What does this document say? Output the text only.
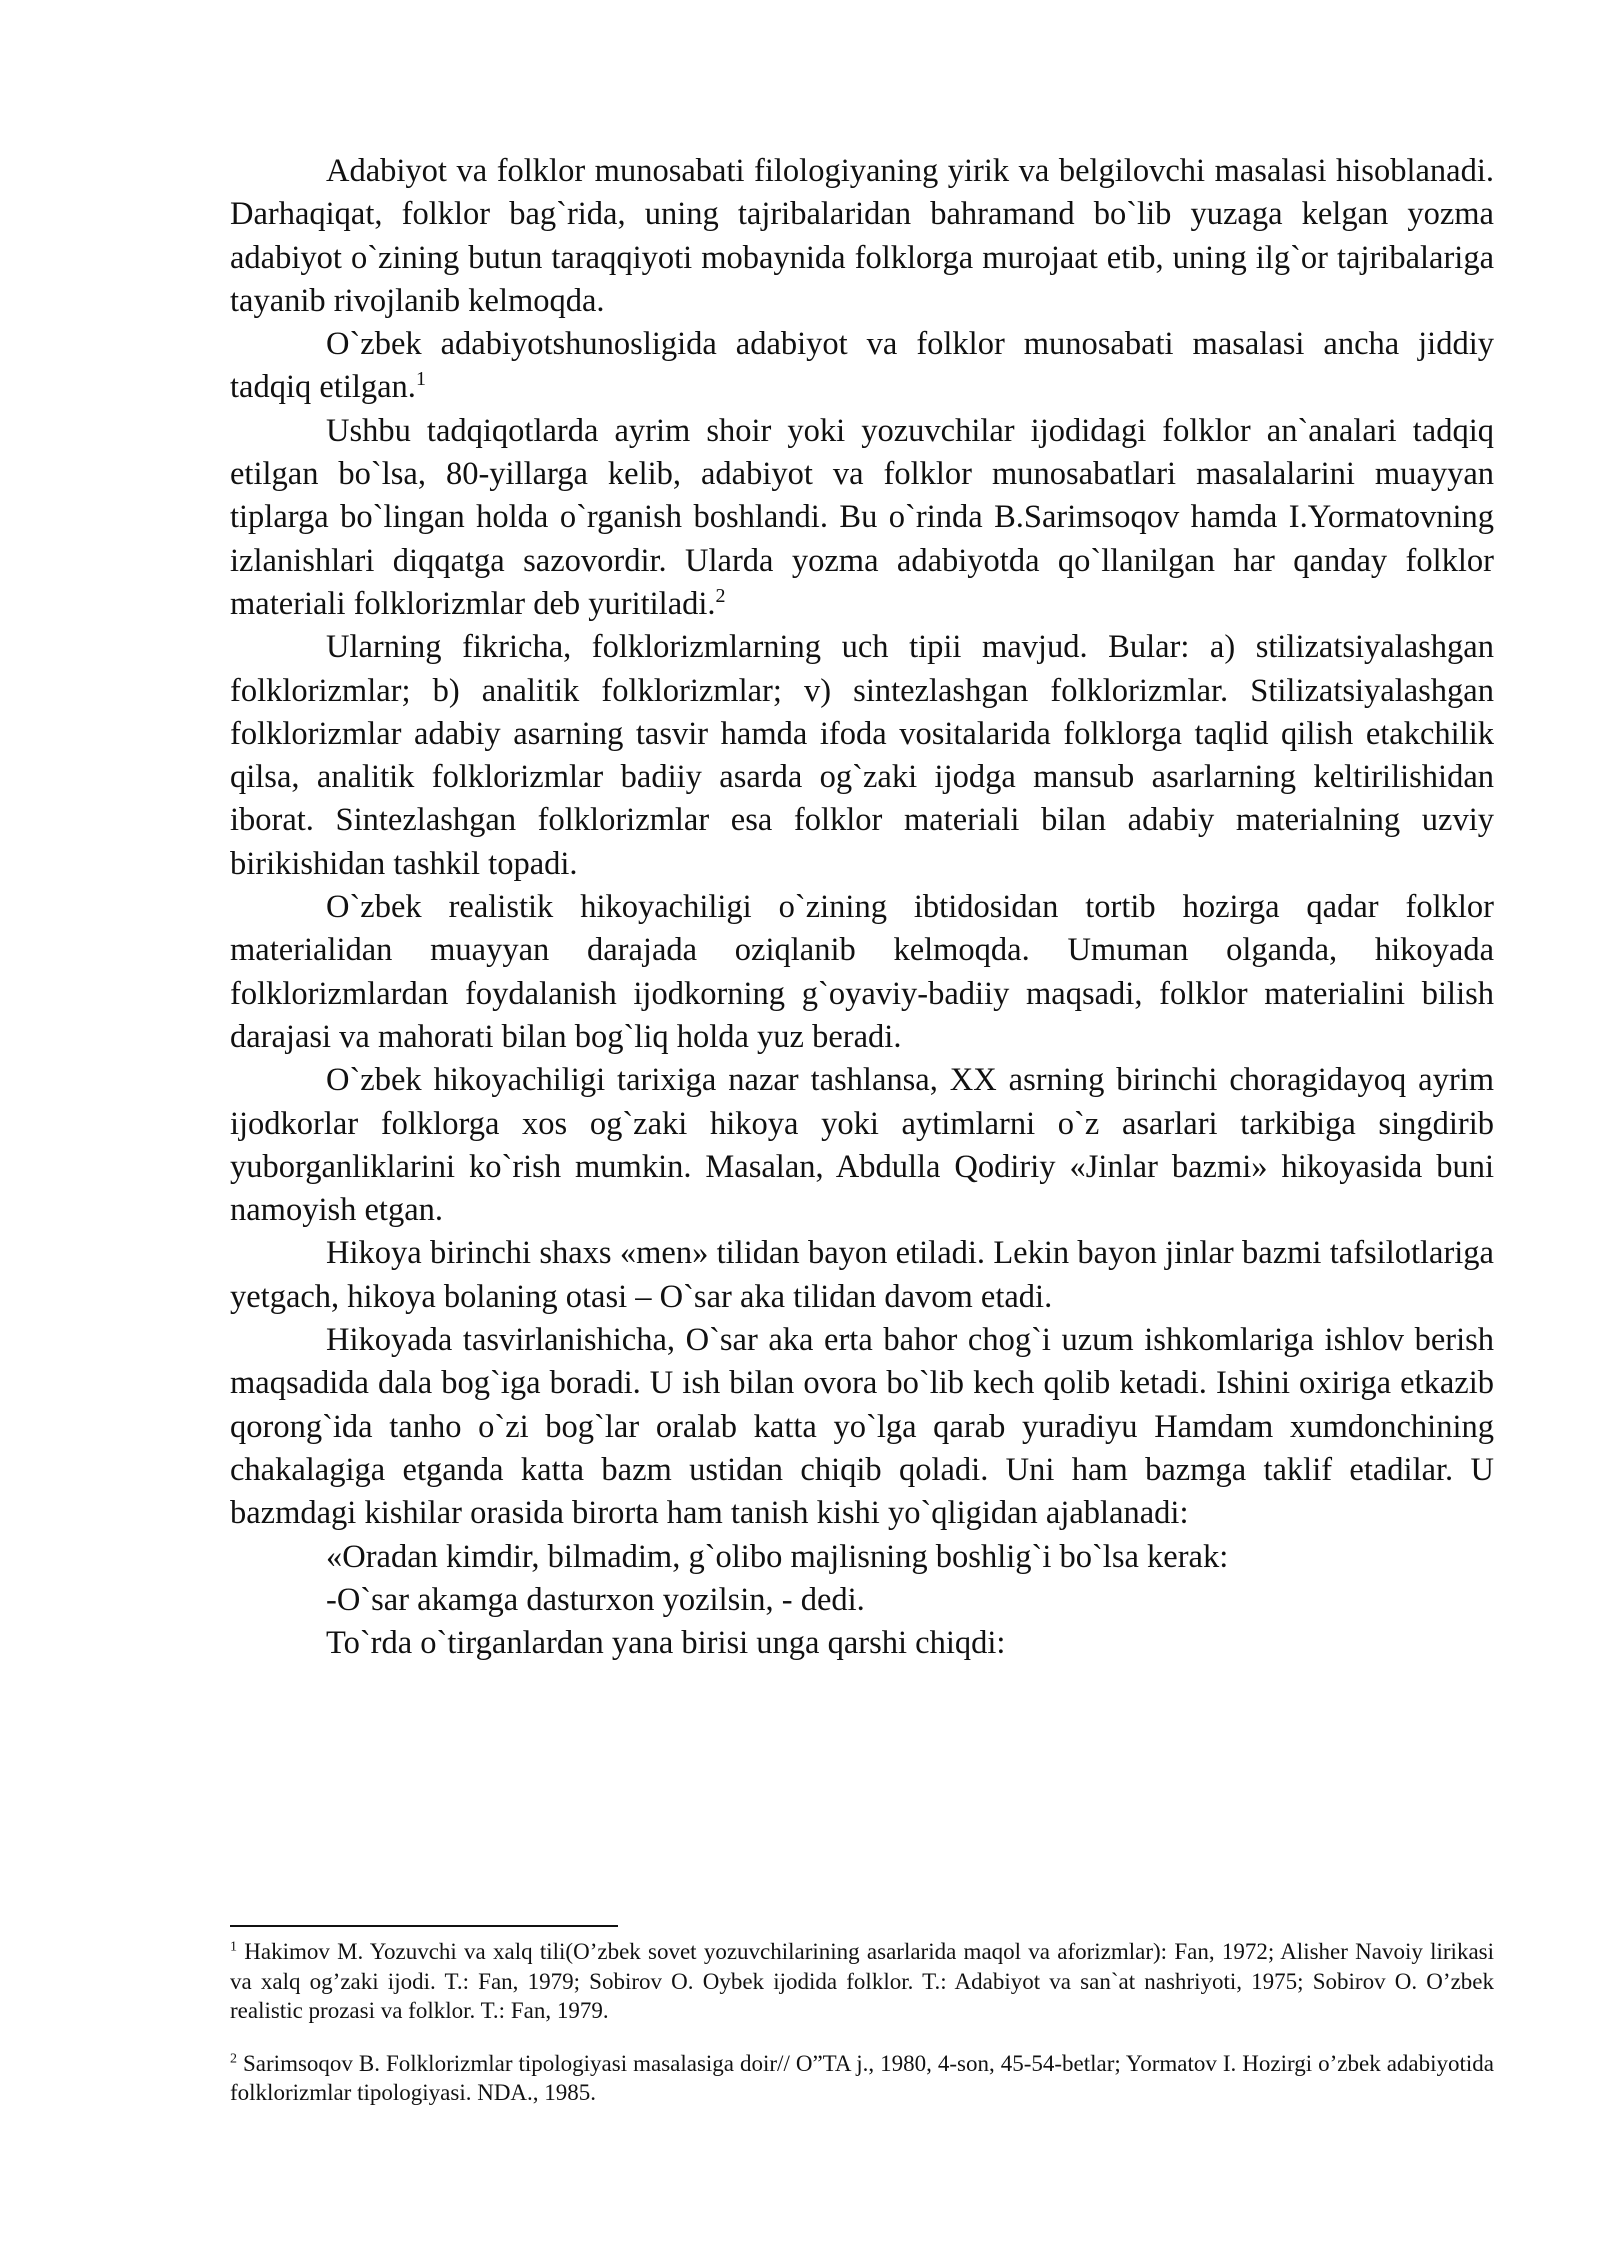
Adabiyot va folklor munosabati filologiyaning yirik va belgilovchi masalasi hisoblanadi. Darhaqiqat, folklor bag`rida, uning tajribalaridan bahramand bo`lib yuzaga kelgan yozma adabiyot o`zining butun taraqqiyoti mobaynida folklorga murojaat etib, uning ilg`or tajribalariga tayanib rivojlanib kelmoqda.

O`zbek adabiyotshunosligida adabiyot va folklor munosabati masalasi ancha jiddiy tadqiq etilgan.$^1$

Ushbu tadqiqotlarda ayrim shoir yoki yozuvchilar ijodidagi folklor an`analari tadqiq etilgan bo`lsa, 80-yillarga kelib, adabiyot va folklor munosabatlari masalalarini muayyan tiplarga bo`lingan holda o`rganish boshlandi. Bu o`rinda B.Sarimsoqov hamda I.Yormatovning izlanishlari diqqatga sazovordir. Ularda yozma adabiyotda qo`llanilgan har qanday folklor materiali folklorizmlar deb yuritiladi.$^2$

Ularning fikricha, folklorizmlarning uch tipii mavjud. Bular: a) stilizatsiyalashgan folklorizmlar; b) analitik folklorizmlar; v) sintezlashgan folklorizmlar. Stilizatsiyalashgan folklorizmlar adabiy asarning tasvir hamda ifoda vositalarida folklorga taqlid qilish etakchilik qilsa, analitik folklorizmlar badiiy asarda og`zaki ijodga mansub asarlarning keltirilishidan iborat. Sintezlashgan folklorizmlar esa folklor materiali bilan adabiy materialning uzviy birikishidan tashkil topadi.

O`zbek realistik hikoyachiligi o`zining ibtidosidan tortib hozirga qadar folklor materialidan muayyan darajada oziqlanib kelmoqda. Umuman olganda, hikoyada folklorizmlardan foydalanish ijodkorning g`oyaviy-badiiy maqsadi, folklor materialini bilish darajasi va mahorati bilan bog`liq holda yuz beradi.

O`zbek hikoyachiligi tarixiga nazar tashlansa, XX asrning birinchi choragidayoq ayrim ijodkorlar folklorga xos og`zaki hikoya yoki aytimlarni o`z asarlari tarkibiga singdirib yuborganliklarini ko`rish mumkin. Masalan, Abdulla Qodiriy «Jinlar bazmi» hikoyasida buni namoyish etgan.

Hikoya birinchi shaxs «men» tilidan bayon etiladi. Lekin bayon jinlar bazmi tafsilotlariga yetgach, hikoya bolaning otasi – O`sar aka tilidan davom etadi.

Hikoyada tasvirlanishicha, O`sar aka erta bahor chog`i uzum ishkomlariga ishlov berish maqsadida dala bog`iga boradi. U ish bilan ovora bo`lib kech qolib ketadi. Ishini oxiriga etkazib qorong`ida tanho o`zi bog`lar oralab katta yo`lga qarab yuradiyu Hamdam xumdonchining chakalagiga etganda katta bazm ustidan chiqib qoladi. Uni ham bazmga taklif etadilar. U bazmdagi kishilar orasida birorta ham tanish kishi yo`qligidan ajablanadi:

«Oradan kimdir, bilmadim, g`olibo majlisning boshlig`i bo`lsa kerak:

-O`sar akamga dasturxon yozilsin, - dedi.

To`rda o`tirganlardan yana birisi unga qarshi chiqdi:

$^1$ Hakimov M. Yozuvchi va xalq tili(O’zbek sovet yozuvchilarining asarlarida maqol va aforizmlar): Fan, 1972; Alisher Navoiy lirikasi va xalq og’zaki ijodi. T.: Fan, 1979; Sobirov O. Oybek ijodida folklor. T.: Adabiyot va san`at nashriyoti, 1975; Sobirov O. O’zbek realistic prozasi va folklor. T.: Fan, 1979.

$^2$ Sarimsoqov B. Folklorizmlar tipologiyasi masalasiga doir// O”TA j., 1980, 4-son, 45-54-betlar; Yormatov I. Hozirgi o’zbek adabiyotida folklorizmlar tipologiyasi. NDA., 1985.
